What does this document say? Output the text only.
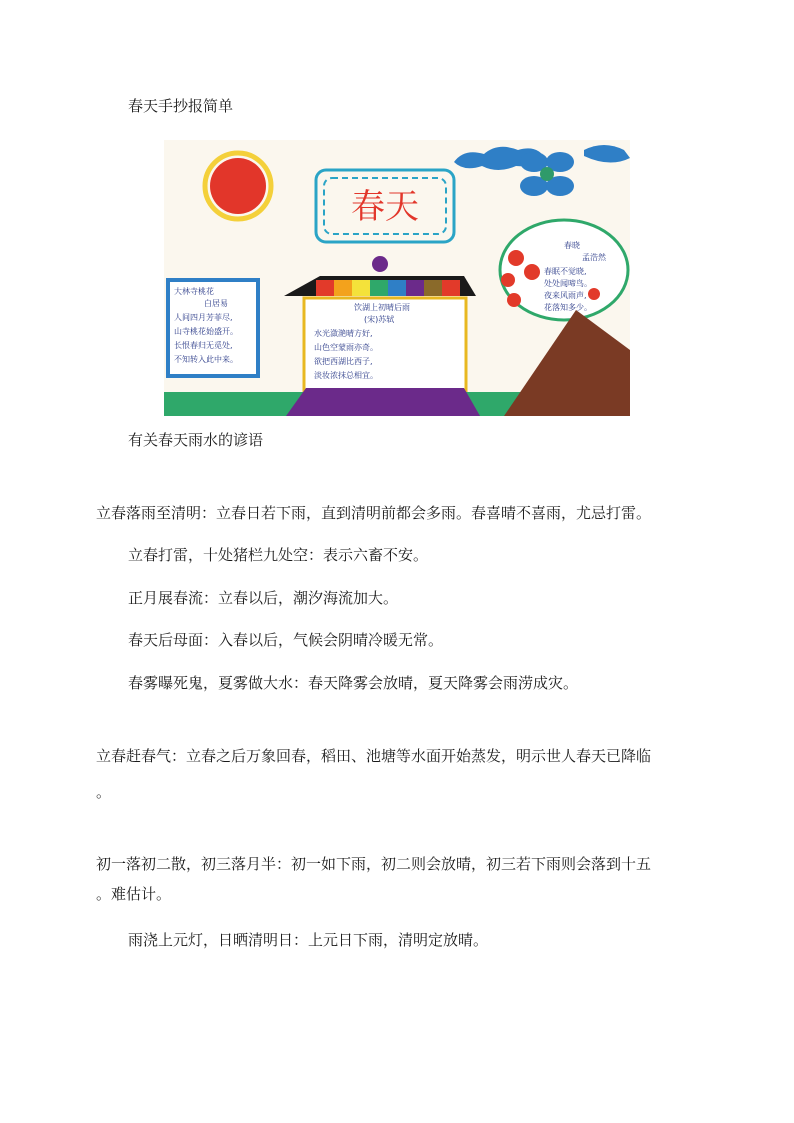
春天手抄报简单
春天
大林寺桃花
白居易
人间四月芳菲尽,
山寺桃花始盛开。
长恨春归无觅处,
不知转入此中来。
饮湖上初晴后雨
(宋)苏轼
水光潋滟晴方好,
山色空蒙雨亦奇。
欲把西湖比西子,
淡妆浓抹总相宜。
春晓
孟浩然
春眠不觉晓,
处处闻啼鸟。
夜来风雨声,
花落知多少。
有关春天雨水的谚语
立春落雨至清明：立春日若下雨，直到清明前都会多雨。春喜晴不喜雨，尤忌打雷。
立春打雷，十处猪栏九处空：表示六畜不安。
正月展春流：立春以后，潮汐海流加大。
春天后母面：入春以后，气候会阴晴冷暖无常。
春雾曝死鬼，夏雾做大水：春天降雾会放晴，夏天降雾会雨涝成灾。
立春赶春气：立春之后万象回春，稻田、池塘等水面开始蒸发，明示世人春天已降临
。
初一落初二散，初三落月半：初一如下雨，初二则会放晴，初三若下雨则会落到十五
。难估计。
雨浇上元灯，日晒清明日：上元日下雨，清明定放晴。
